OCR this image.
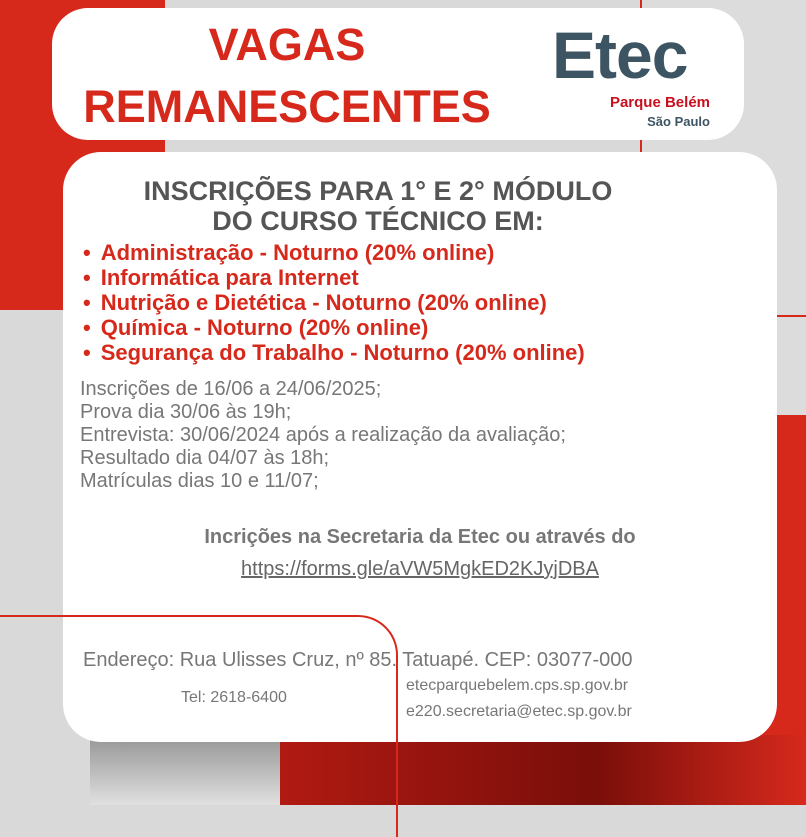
VAGAS
REMANESCENTES
Etec
Parque Belém
São Paulo
INSCRIÇÕES PARA 1° E 2° MÓDULO
DO CURSO TÉCNICO EM:
• Administração - Noturno (20% online)
• Informática para Internet
• Nutrição e Dietética - Noturno (20% online)
• Química - Noturno (20% online)
• Segurança do Trabalho - Noturno (20% online)
Inscrições de 16/06 a 24/06/2025;
Prova dia 30/06 às 19h;
Entrevista: 30/06/2024 após a realização da avaliação;
Resultado dia 04/07 às 18h;
Matrículas dias 10 e 11/07;
Incrições na Secretaria da Etec ou através do
https://forms.gle/aVW5MgkED2KJyjDBA
Endereço: Rua Ulisses Cruz, nº 85. Tatuapé. CEP: 03077-000
Tel: 2618-6400
etecparquebelem.cps.sp.gov.br
e220.secretaria@etec.sp.gov.br
